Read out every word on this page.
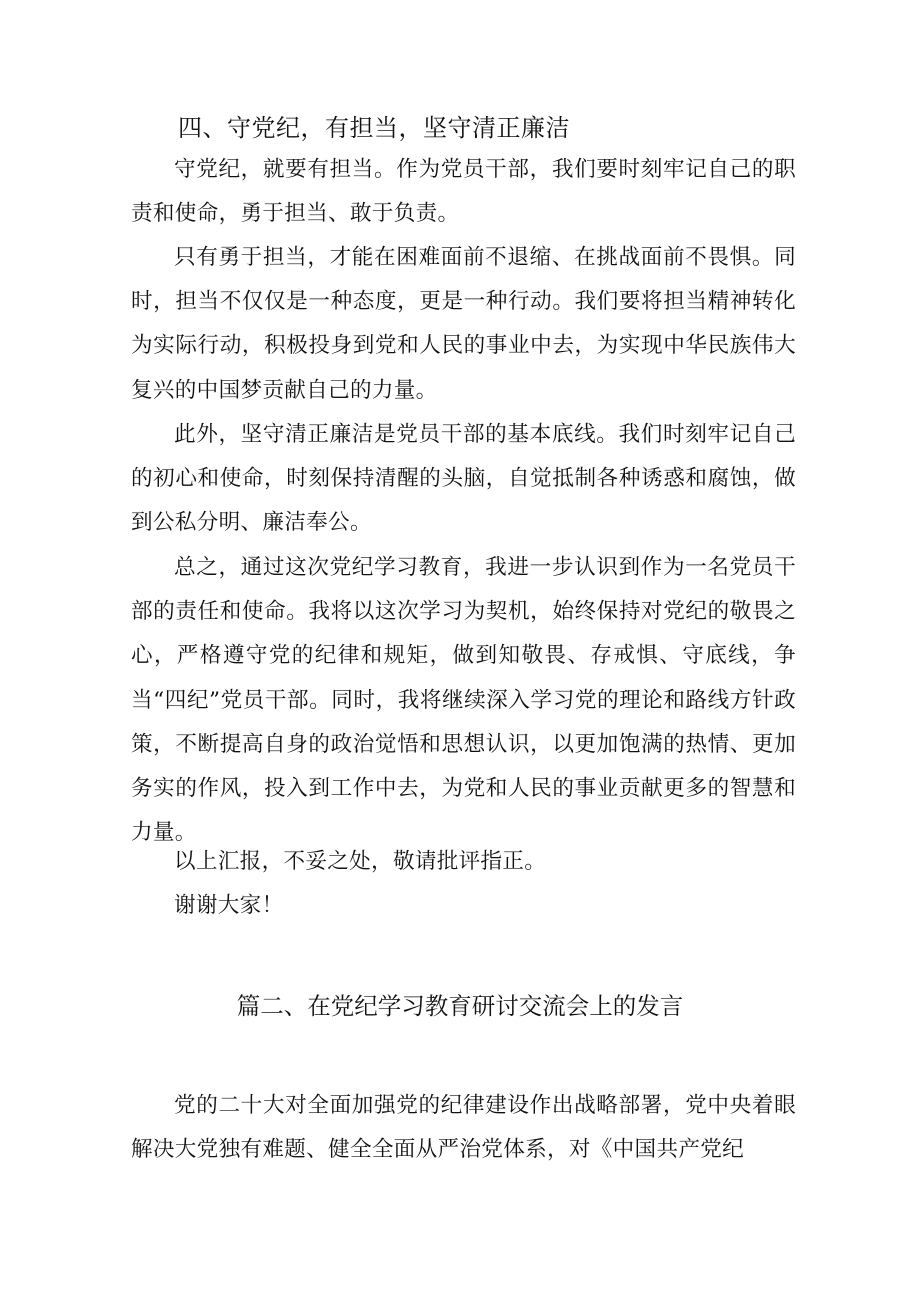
四、守党纪，有担当，坚守清正廉洁

守党纪，就要有担当。作为党员干部，我们要时刻牢记自己的职责和使命，勇于担当、敢于负责。

只有勇于担当，才能在困难面前不退缩、在挑战面前不畏惧。同时，担当不仅仅是一种态度，更是一种行动。我们要将担当精神转化为实际行动，积极投身到党和人民的事业中去，为实现中华民族伟大复兴的中国梦贡献自己的力量。

此外，坚守清正廉洁是党员干部的基本底线。我们时刻牢记自己的初心和使命，时刻保持清醒的头脑，自觉抵制各种诱惑和腐蚀，做到公私分明、廉洁奉公。

总之，通过这次党纪学习教育，我进一步认识到作为一名党员干部的责任和使命。我将以这次学习为契机，始终保持对党纪的敬畏之心，严格遵守党的纪律和规矩，做到知敬畏、存戒惧、守底线，争当“四纪”党员干部。同时，我将继续深入学习党的理论和路线方针政策，不断提高自身的政治觉悟和思想认识，以更加饱满的热情、更加务实的作风，投入到工作中去，为党和人民的事业贡献更多的智慧和力量。

以上汇报，不妥之处，敬请批评指正。

谢谢大家！

篇二、在党纪学习教育研讨交流会上的发言

党的二十大对全面加强党的纪律建设作出战略部署，党中央着眼解决大党独有难题、健全全面从严治党体系，对《中国共产党纪
